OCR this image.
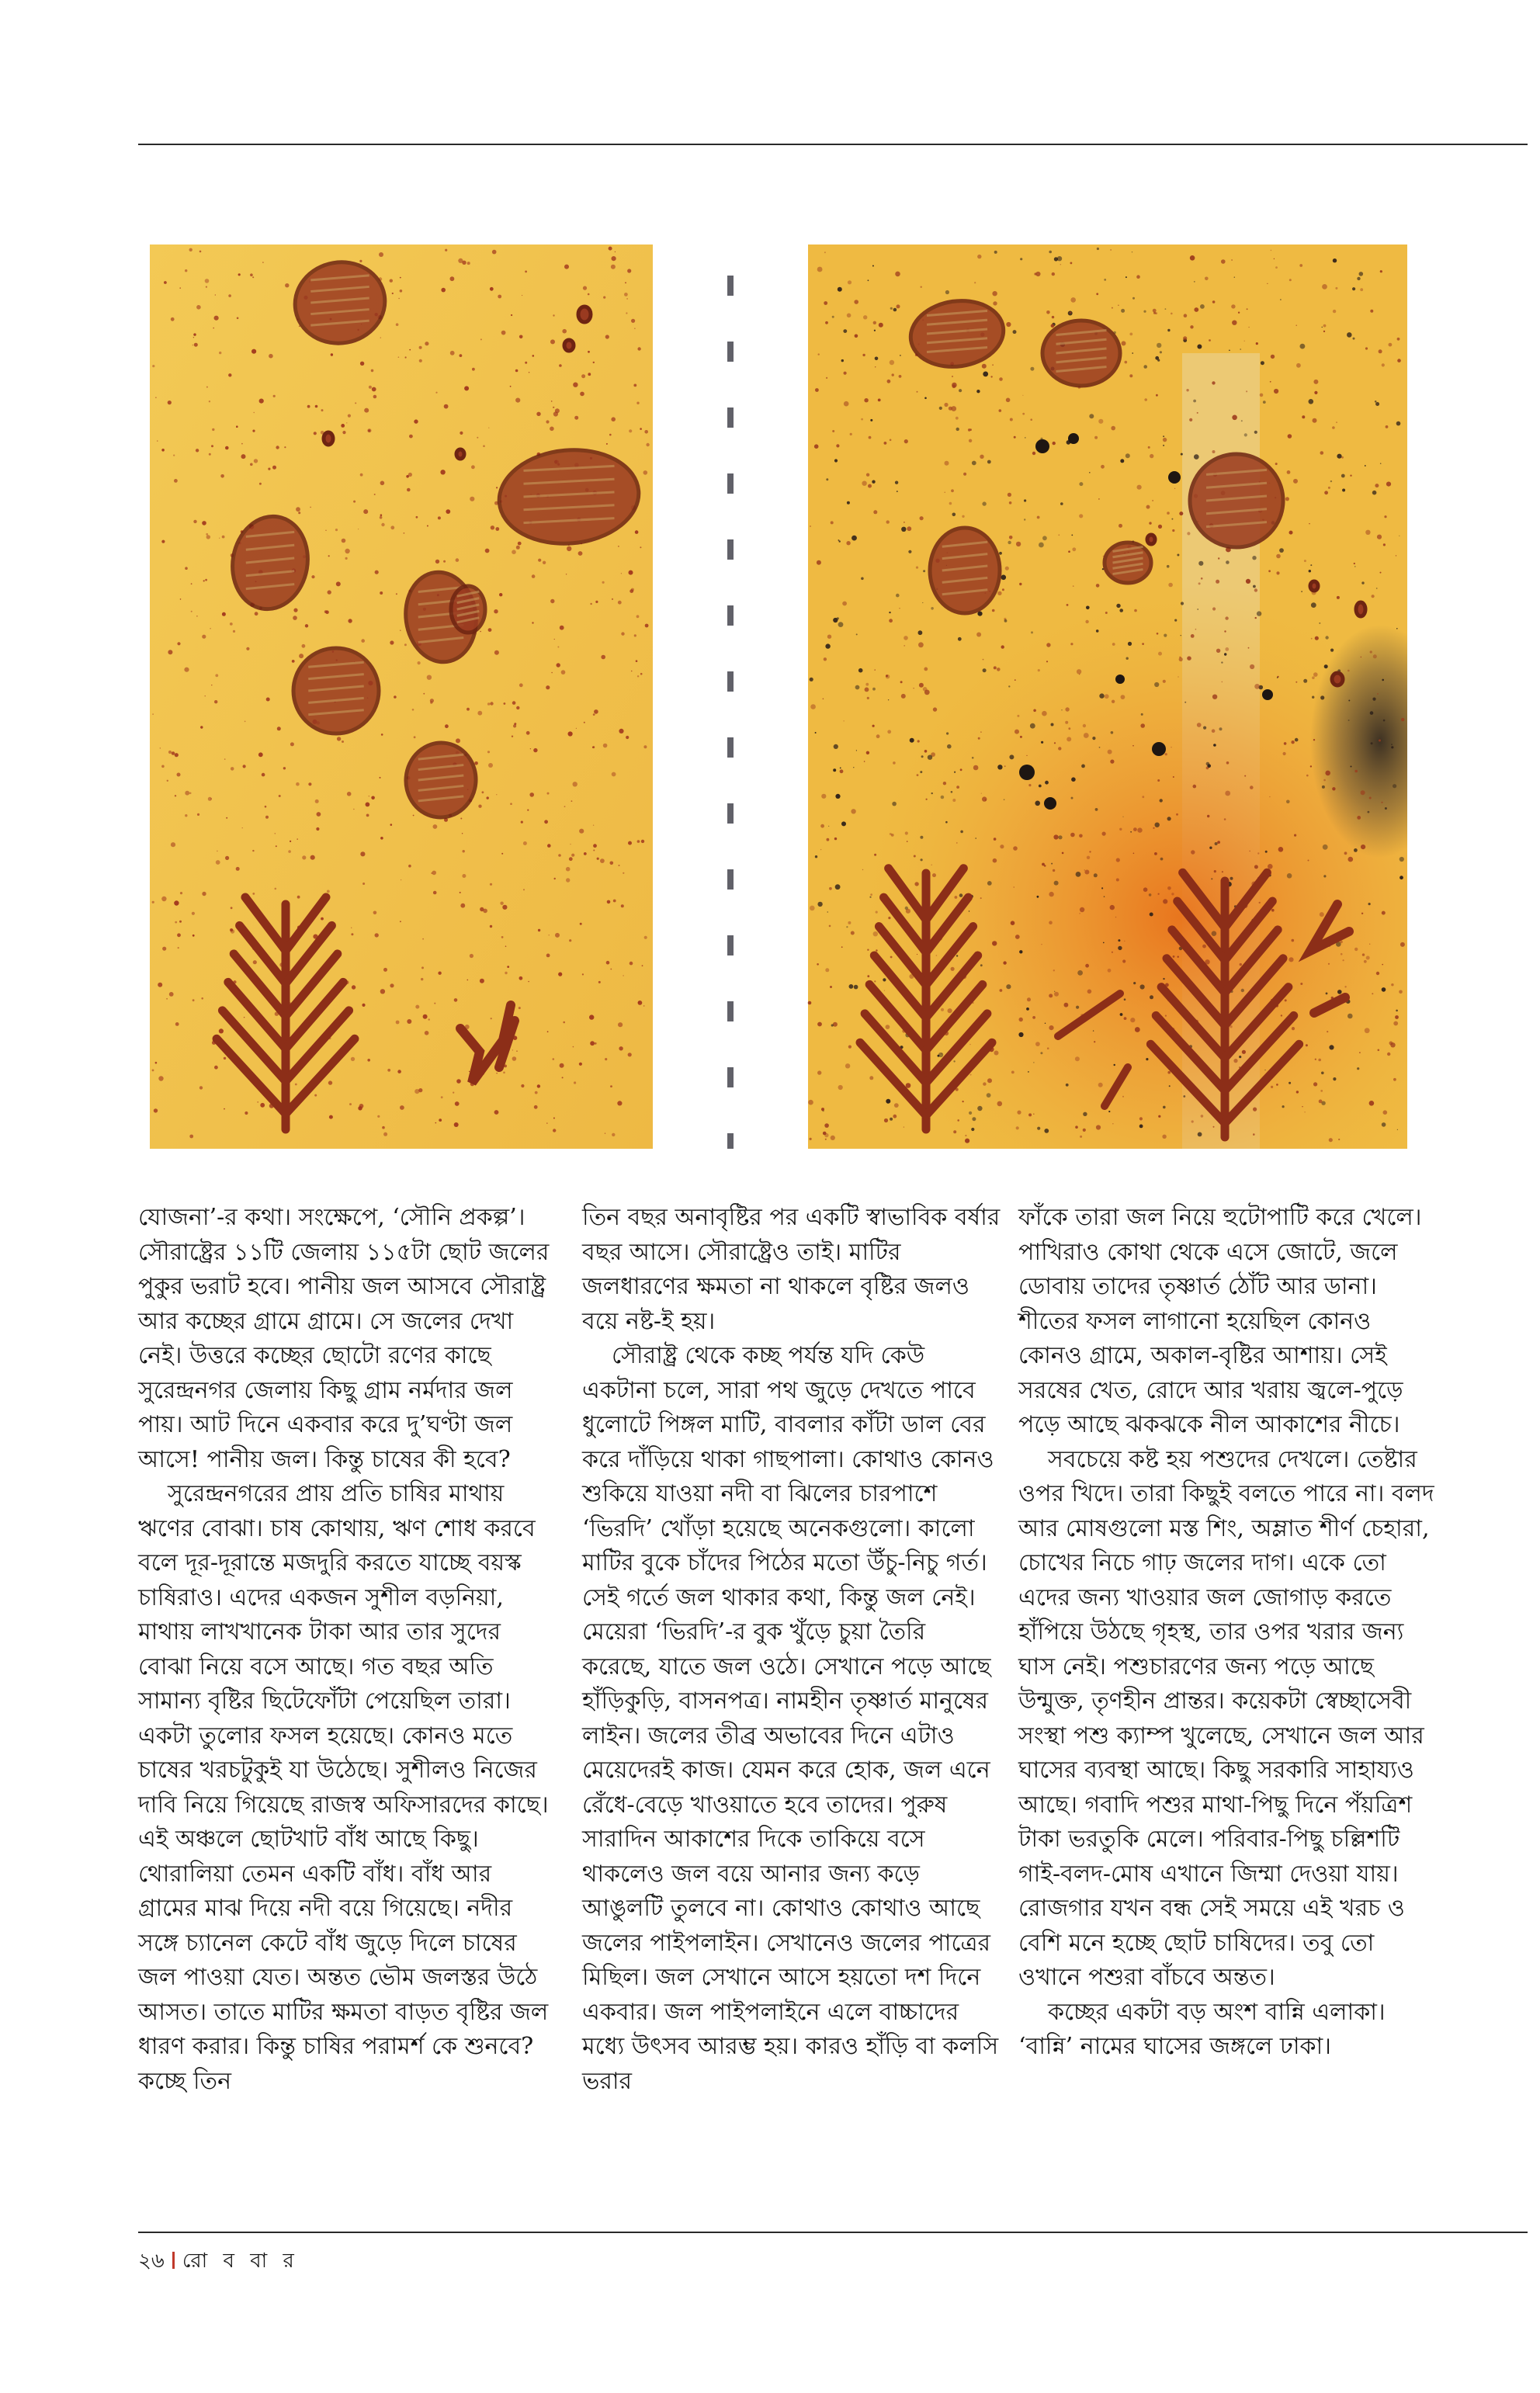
যোজনা’-র কথা। সংক্ষেপে, ‘সৌনি প্রকল্প’। সৌরাষ্ট্রের ১১টি জেলায় ১১৫টা ছোট জলের পুকুর ভরাট হবে। পানীয় জল আসবে সৌরাষ্ট্র আর কচ্ছের গ্রামে গ্রামে। সে জলের দেখা নেই। উত্তরে কচ্ছের ছোটো রণের কাছে সুরেন্দ্রনগর জেলায় কিছু গ্রাম নর্মদার জল পায়। আট দিনে একবার করে দু’ঘণ্টা জল আসে! পানীয় জল। কিন্তু চাষের কী হবে?

সুরেন্দ্রনগরের প্রায় প্রতি চাষির মাথায় ঋণের বোঝা। চাষ কোথায়, ঋণ শোধ করবে বলে দূর-দূরান্তে মজদুরি করতে যাচ্ছে বয়স্ক চাষিরাও। এদের একজন সুশীল বড়নিয়া, মাথায় লাখখানেক টাকা আর তার সুদের বোঝা নিয়ে বসে আছে। গত বছর অতি সামান্য বৃষ্টির ছিটেফোঁটা পেয়েছিল তারা। একটা তুলোর ফসল হয়েছে। কোনও মতে চাষের খরচটুকুই যা উঠেছে। সুশীলও নিজের দাবি নিয়ে গিয়েছে রাজস্ব অফিসারদের কাছে। এই অঞ্চলে ছোটখাট বাঁধ আছে কিছু। থোরালিয়া তেমন একটি বাঁধ। বাঁধ আর গ্রামের মাঝ দিয়ে নদী বয়ে গিয়েছে। নদীর সঙ্গে চ্যানেল কেটে বাঁধ জুড়ে দিলে চাষের জল পাওয়া যেত। অন্তত ভৌম জলস্তর উঠে আসত। তাতে মাটির ক্ষমতা বাড়ত বৃষ্টির জল ধারণ করার। কিন্তু চাষির পরামর্শ কে শুনবে? কচ্ছে তিন

তিন বছর অনাবৃষ্টির পর একটি স্বাভাবিক বর্ষার বছর আসে। সৌরাষ্ট্রেও তাই। মাটির জলধারণের ক্ষমতা না থাকলে বৃষ্টির জলও বয়ে নষ্ট-ই হয়।

সৌরাষ্ট্র থেকে কচ্ছ পর্যন্ত যদি কেউ একটানা চলে, সারা পথ জুড়ে দেখতে পাবে ধুলোটে পিঙ্গল মাটি, বাবলার কাঁটা ডাল বের করে দাঁড়িয়ে থাকা গাছপালা। কোথাও কোনও শুকিয়ে যাওয়া নদী বা ঝিলের চারপাশে ‘ভিরদি’ খোঁড়া হয়েছে অনেকগুলো। কালো মাটির বুকে চাঁদের পিঠের মতো উঁচু-নিচু গর্ত। সেই গর্তে জল থাকার কথা, কিন্তু জল নেই। মেয়েরা ‘ভিরদি’-র বুক খুঁড়ে চুয়া তৈরি করেছে, যাতে জল ওঠে। সেখানে পড়ে আছে হাঁড়িকুড়ি, বাসনপত্র। নামহীন তৃষ্ণার্ত মানুষের লাইন। জলের তীব্র অভাবের দিনে এটাও মেয়েদেরই কাজ। যেমন করে হোক, জল এনে রেঁধে-বেড়ে খাওয়াতে হবে তাদের। পুরুষ সারাদিন আকাশের দিকে তাকিয়ে বসে থাকলেও জল বয়ে আনার জন্য কড়ে আঙুলটি তুলবে না। কোথাও কোথাও আছে জলের পাইপলাইন। সেখানেও জলের পাত্রের মিছিল। জল সেখানে আসে হয়তো দশ দিনে একবার। জল পাইপলাইনে এলে বাচ্চাদের মধ্যে উৎসব আরম্ভ হয়। কারও হাঁড়ি বা কলসি ভরার

ফাঁকে তারা জল নিয়ে হুটোপাটি করে খেলে। পাখিরাও কোথা থেকে এসে জোটে, জলে ডোবায় তাদের তৃষ্ণার্ত ঠোঁট আর ডানা। শীতের ফসল লাগানো হয়েছিল কোনও কোনও গ্রামে, অকাল-বৃষ্টির আশায়। সেই সরষের খেত, রোদে আর খরায় জ্বলে-পুড়ে পড়ে আছে ঝকঝকে নীল আকাশের নীচে।

সবচেয়ে কষ্ট হয় পশুদের দেখলে। তেষ্টার ওপর খিদে। তারা কিছুই বলতে পারে না। বলদ আর মোষগুলো মস্ত শিং, অম্লাত শীর্ণ চেহারা, চোখের নিচে গাঢ় জলের দাগ। একে তো এদের জন্য খাওয়ার জল জোগাড় করতে হাঁপিয়ে উঠছে গৃহস্থ, তার ওপর খরার জন্য ঘাস নেই। পশুচারণের জন্য পড়ে আছে উন্মুক্ত, তৃণহীন প্রান্তর। কয়েকটা স্বেচ্ছাসেবী সংস্থা পশু ক্যাম্প খুলেছে, সেখানে জল আর ঘাসের ব্যবস্থা আছে। কিছু সরকারি সাহায্যও আছে। গবাদি পশুর মাথা-পিছু দিনে পঁয়ত্রিশ টাকা ভরতুকি মেলে। পরিবার-পিছু চল্লিশটি গাই-বলদ-মোষ এখানে জিম্মা দেওয়া যায়। রোজগার যখন বন্ধ সেই সময়ে এই খরচ ও বেশি মনে হচ্ছে ছোট চাষিদের। তবু তো ওখানে পশুরা বাঁচবে অন্তত।

কচ্ছের একটা বড় অংশ বান্নি এলাকা। ‘বান্নি’ নামের ঘাসের জঙ্গলে ঢাকা।

২৬ রো ব বা র
